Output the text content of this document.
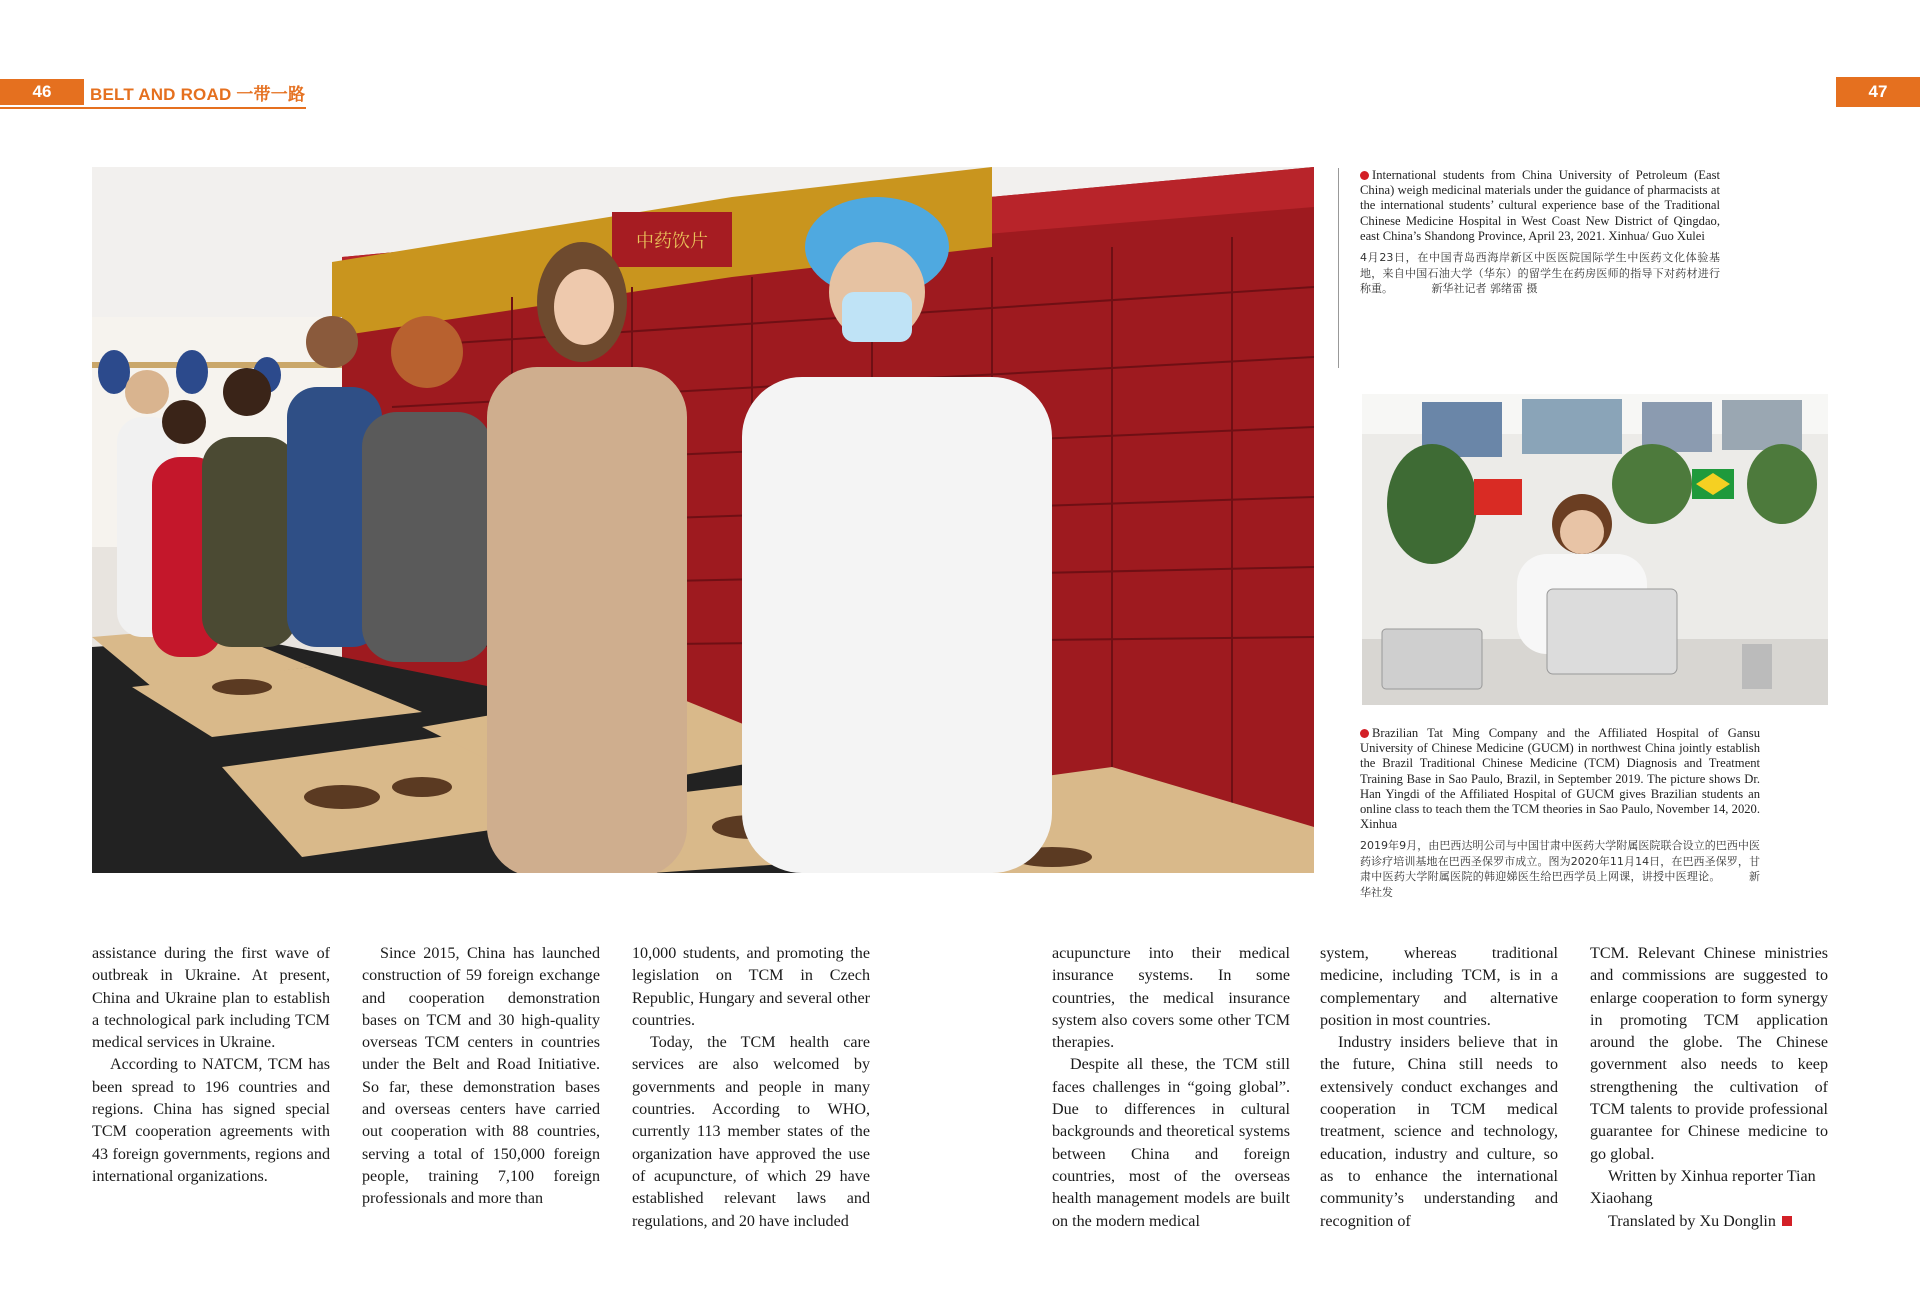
46	BELT AND ROAD 一带一路	47
中药饮片
International students from China University of Petroleum (East China) weigh medicinal materials under the guidance of pharmacists at the international students’ cultural experience base of the Traditional Chinese Medicine Hospital in West Coast New District of Qingdao, east China’s Shandong Province, April 23, 2021. Xinhua/ Guo Xulei
4月23日，在中国青岛西海岸新区中医医院国际学生中医药文化体验基地，来自中国石油大学（华东）的留学生在药房医师的指导下对药材进行称重。　　　　新华社记者 郭绪雷 摄
Brazilian Tat Ming Company and the Affiliated Hospital of Gansu University of Chinese Medicine (GUCM) in northwest China jointly establish the Brazil Traditional Chinese Medicine (TCM) Diagnosis and Treatment Training Base in Sao Paulo, Brazil, in September 2019. The picture shows Dr. Han Yingdi of the Affiliated Hospital of GUCM gives Brazilian students an online class to teach them the TCM theories in Sao Paulo, November 14, 2020. Xinhua
2019年9月，由巴西达明公司与中国甘肃中医药大学附属医院联合设立的巴西中医药诊疗培训基地在巴西圣保罗市成立。图为2020年11月14日，在巴西圣保罗，甘肃中医药大学附属医院的韩迎娣医生给巴西学员上网课，讲授中医理论。　　　新华社发

assistance during the first wave of outbreak in Ukraine. At present, China and Ukraine plan to establish a technological park including TCM medical services in Ukraine.

According to NATCM, TCM has been spread to 196 countries and regions. China has signed special TCM cooperation agreements with 43 foreign governments, regions and international organizations.

Since 2015, China has launched construction of 59 foreign exchange and cooperation demonstration bases on TCM and 30 high-quality overseas TCM centers in countries under the Belt and Road Initiative. So far, these demonstration bases and overseas centers have carried out cooperation with 88 countries, serving a total of 150,000 foreign people, training 7,100 foreign professionals and more than

10,000 students, and promoting the legislation on TCM in Czech Republic, Hungary and several other countries.

Today, the TCM health care services are also welcomed by governments and people in many countries. According to WHO, currently 113 member states of the organization have approved the use of acupuncture, of which 29 have established relevant laws and regulations, and 20 have included

acupuncture into their medical insurance systems. In some countries, the medical insurance system also covers some other TCM therapies.

Despite all these, the TCM still faces challenges in “going global”. Due to differences in cultural backgrounds and theoretical systems between China and foreign countries, most of the overseas health management models are built on the modern medical

system, whereas traditional medicine, including TCM, is in a complementary and alternative position in most countries.

Industry insiders believe that in the future, China still needs to extensively conduct exchanges and cooperation in TCM medical treatment, science and technology, education, industry and culture, so as to enhance the international community’s understanding and recognition of

TCM. Relevant Chinese ministries and commissions are suggested to enlarge cooperation to form synergy in promoting TCM application around the globe. The Chinese government also needs to keep strengthening the cultivation of TCM talents to provide professional guarantee for Chinese medicine to go global.

Written by Xinhua reporter Tian Xiaohang

Translated by Xu Donglin
